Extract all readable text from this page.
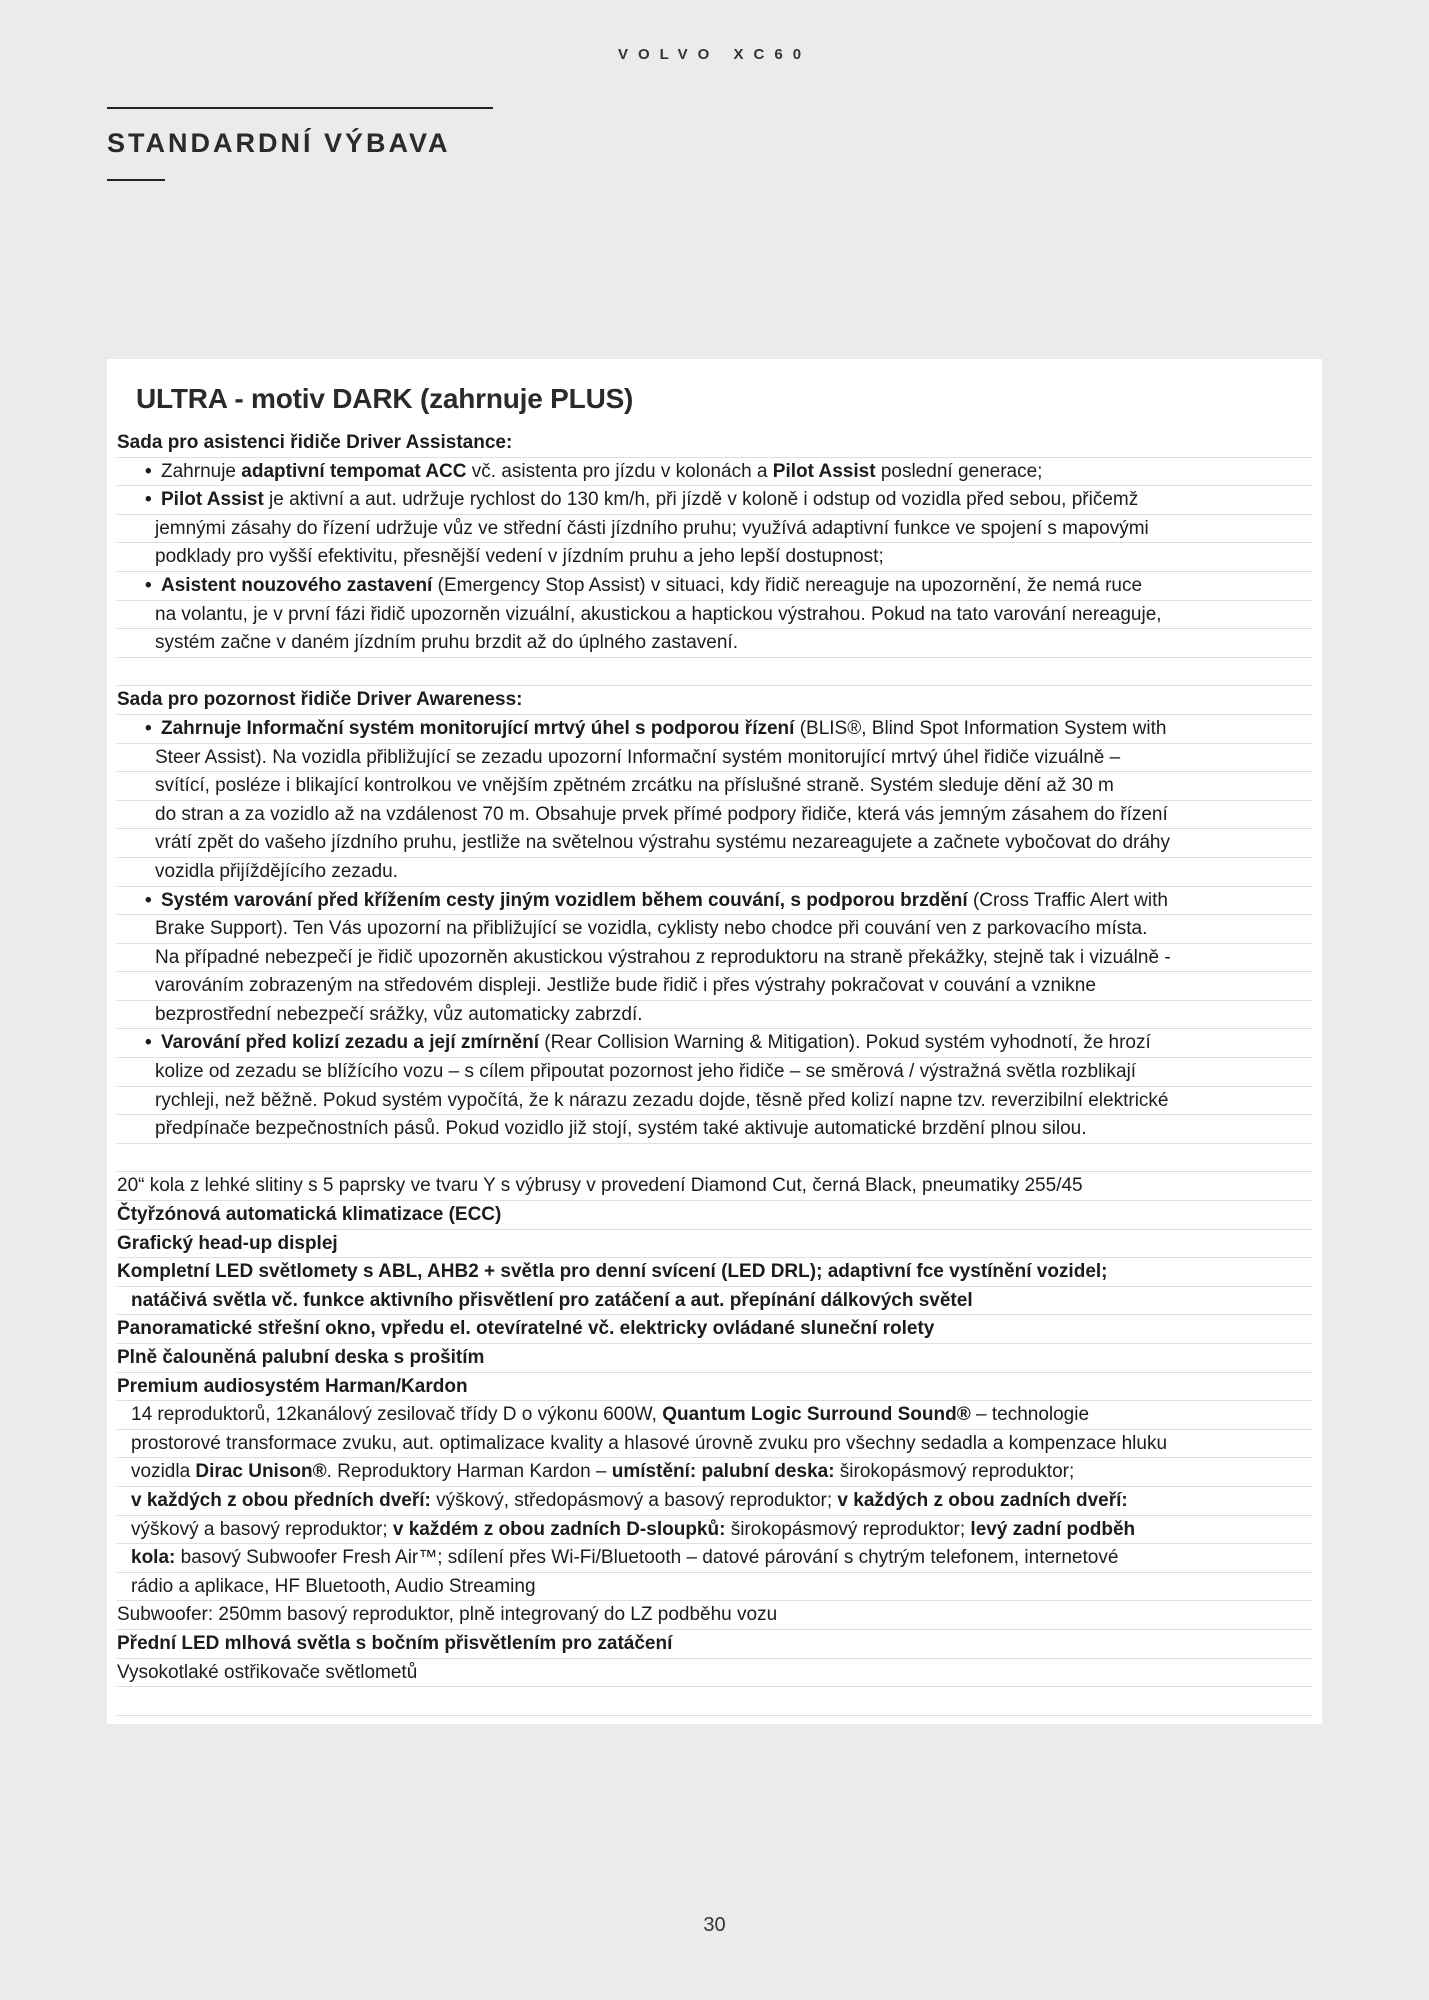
VOLVO XC60
STANDARDNÍ VÝBAVA
ULTRA - motiv DARK (zahrnuje PLUS)
Sada pro asistenci řidiče Driver Assistance:
• Zahrnuje adaptivní tempomat ACC vč. asistenta pro jízdu v kolonách a Pilot Assist poslední generace;
• Pilot Assist je aktivní a aut. udržuje rychlost do 130 km/h, při jízdě v koloně i odstup od vozidla před sebou, přičemž
jemnými zásahy do řízení udržuje vůz ve střední části jízdního pruhu; využívá adaptivní funkce ve spojení s mapovými
podklady pro vyšší efektivitu, přesnější vedení v jízdním pruhu a jeho lepší dostupnost;
• Asistent nouzového zastavení (Emergency Stop Assist) v situaci, kdy řidič nereaguje na upozornění, že nemá ruce
na volantu, je v první fázi řidič upozorněn vizuální, akustickou a haptickou výstrahou. Pokud na tato varování nereaguje,
systém začne v daném jízdním pruhu brzdit až do úplného zastavení.

Sada pro pozornost řidiče Driver Awareness:
• Zahrnuje Informační systém monitorující mrtvý úhel s podporou řízení (BLIS®, Blind Spot Information System with
Steer Assist). Na vozidla přibližující se zezadu upozorní Informační systém monitorující mrtvý úhel řidiče vizuálně –
svítící, posléze i blikající kontrolkou ve vnějším zpětném zrcátku na příslušné straně. Systém sleduje dění až 30 m
do stran a za vozidlo až na vzdálenost 70 m. Obsahuje prvek přímé podpory řidiče, která vás jemným zásahem do řízení
vrátí zpět do vašeho jízdního pruhu, jestliže na světelnou výstrahu systému nezareagujete a začnete vybočovat do dráhy
vozidla přijíždějícího zezadu.
• Systém varování před křížením cesty jiným vozidlem během couvání, s podporou brzdění (Cross Traffic Alert with
Brake Support). Ten Vás upozorní na přibližující se vozidla, cyklisty nebo chodce při couvání ven z parkovacího místa.
Na případné nebezpečí je řidič upozorněn akustickou výstrahou z reproduktoru na straně překážky, stejně tak i vizuálně -
varováním zobrazeným na středovém displeji. Jestliže bude řidič i přes výstrahy pokračovat v couvání a vznikne
bezprostřední nebezpečí srážky, vůz automaticky zabrzdí.
• Varování před kolizí zezadu a její zmírnění (Rear Collision Warning & Mitigation). Pokud systém vyhodnotí, že hrozí
kolize od zezadu se blížícího vozu – s cílem připoutat pozornost jeho řidiče – se směrová / výstražná světla rozblikají
rychleji, než běžně. Pokud systém vypočítá, že k nárazu zezadu dojde, těsně před kolizí napne tzv. reverzibilní elektrické
předpínače bezpečnostních pásů. Pokud vozidlo již stojí, systém také aktivuje automatické brzdění plnou silou.

20“ kola z lehké slitiny s 5 paprsky ve tvaru Y s výbrusy v provedení Diamond Cut, černá Black, pneumatiky 255/45
Čtyřzónová automatická klimatizace (ECC)
Grafický head-up displej
Kompletní LED světlomety s ABL, AHB2 + světla pro denní svícení (LED DRL); adaptivní fce vystínění vozidel;
natáčivá světla vč. funkce aktivního přisvětlení pro zatáčení a aut. přepínání dálkových světel
Panoramatické střešní okno, vpředu el. otevíratelné vč. elektricky ovládané sluneční rolety
Plně čalouněná palubní deska s prošitím
Premium audiosystém Harman/Kardon
14 reproduktorů, 12kanálový zesilovač třídy D o výkonu 600W, Quantum Logic Surround Sound® – technologie
prostorové transformace zvuku, aut. optimalizace kvality a hlasové úrovně zvuku pro všechny sedadla a kompenzace hluku
vozidla Dirac Unison®. Reproduktory Harman Kardon – umístění: palubní deska: širokopásmový reproduktor;
v každých z obou předních dveří: výškový, středopásmový a basový reproduktor; v každých z obou zadních dveří:
výškový a basový reproduktor; v každém z obou zadních D-sloupků: širokopásmový reproduktor; levý zadní podběh
kola: basový Subwoofer Fresh Air™; sdílení přes Wi-Fi/Bluetooth – datové párování s chytrým telefonem, internetové
rádio a aplikace, HF Bluetooth, Audio Streaming
Subwoofer: 250mm basový reproduktor, plně integrovaný do LZ podběhu vozu
Přední LED mlhová světla s bočním přisvětlením pro zatáčení
Vysokotlaké ostřikovače světlometů

30
